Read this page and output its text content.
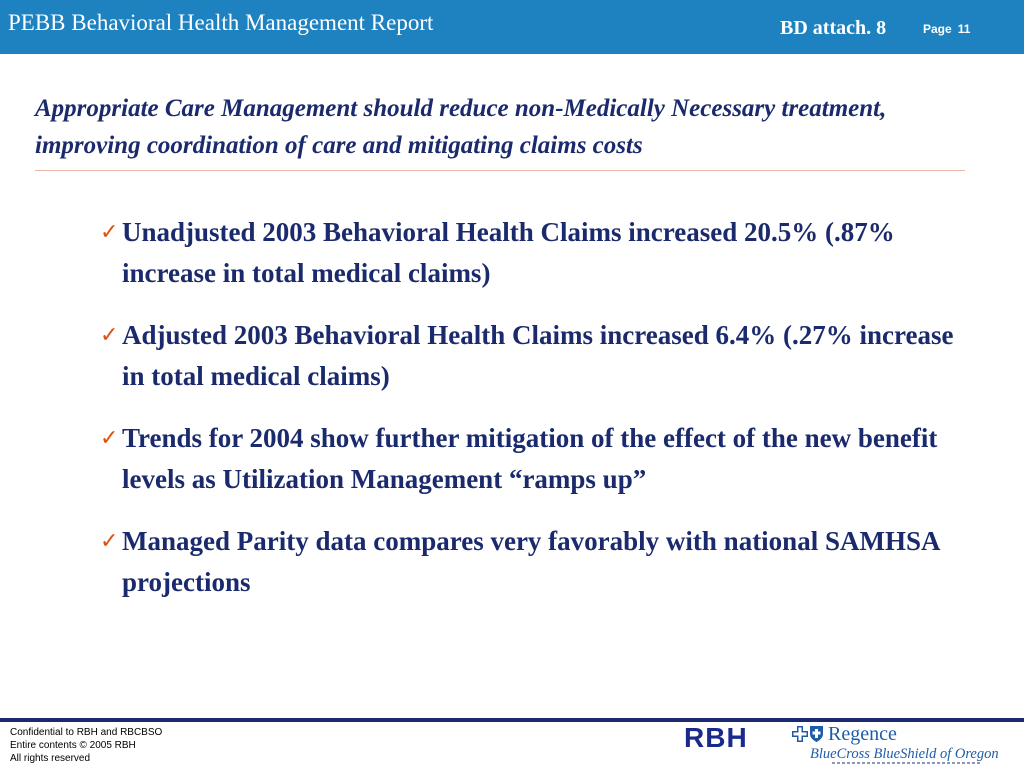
PEBB Behavioral Health Management Report	BD attach. 8	Page 11
Appropriate Care Management should reduce non-Medically Necessary treatment, improving coordination of care and mitigating claims costs
✓ Unadjusted 2003 Behavioral Health Claims increased 20.5% (.87% increase in total medical claims)
✓ Adjusted 2003 Behavioral Health Claims increased 6.4% (.27% increase in total medical claims)
✓ Trends for 2004 show further mitigation of the effect of the new benefit levels as Utilization Management “ramps up”
✓ Managed Parity data compares very favorably with national SAMHSA projections
Confidential to RBH and RBCBSO
Entire contents © 2005 RBH
All rights reserved
RBH	Regence
BlueCross BlueShield of Oregon
